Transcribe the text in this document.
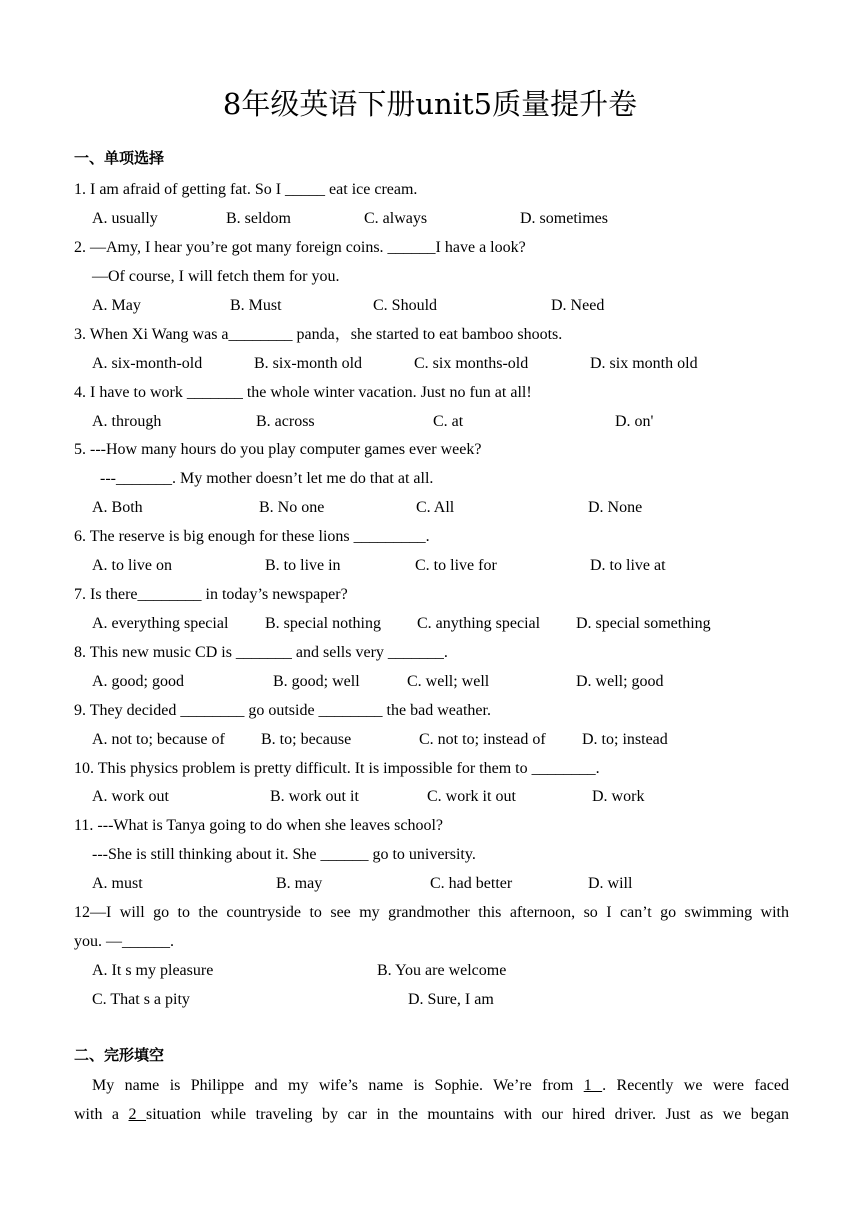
8年级英语下册unit5质量提升卷
一、单项选择
1. I am afraid of getting fat. So I _____ eat ice cream.
A. usually	B. seldom	C. always	D. sometimes
2. —Amy, I hear you’re got many foreign coins. ______I have a look?
—Of course, I will fetch them for you.
A. May	B. Must	C. Should	D. Need
3. When Xi Wang was a________ panda，she started to eat bamboo shoots.
A. six-month-old	B. six-month old	C. six months-old	D. six month old
4. I have to work _______ the whole winter vacation. Just no fun at all!
A. through	B. across	C. at	D. on'
5. ---How many hours do you play computer games ever week?
---_______. My mother doesn’t let me do that at all.
A. Both	B. No one	C. All	D. None
6. The reserve is big enough for these lions _________.
A. to live on	B. to live in	C. to live for	D. to live at
7. Is there________ in today’s newspaper?
A. everything special B. special nothing C. anything special D. special something
8. This new music CD is _______ and sells very _______.
A. good; good	B. good; well	C. well; well	D. well; good
9. They decided ________ go outside ________ the bad weather.
A. not to; because of B. to; because	C. not to; instead of D. to; instead
10. This physics problem is pretty difficult. It is impossible for them to ________.
A. work out	B. work out it	C. work it out	D. work
11. ---What is Tanya going to do when she leaves school?
---She is still thinking about it. She ______ go to university.
A. must	B. may	C. had better	D. will
12—I will go to the countryside to see my grandmother this afternoon, so I can’t go swimming with
you. —______.
A. It s my pleasure	B. You are welcome
C. That s a pity	D. Sure, I am
二、完形填空
My name is Philippe and my wife’s name is Sophie. We’re from 1 . Recently we were faced
with a 2 situation while traveling by car in the mountains with our hired driver. Just as we began
